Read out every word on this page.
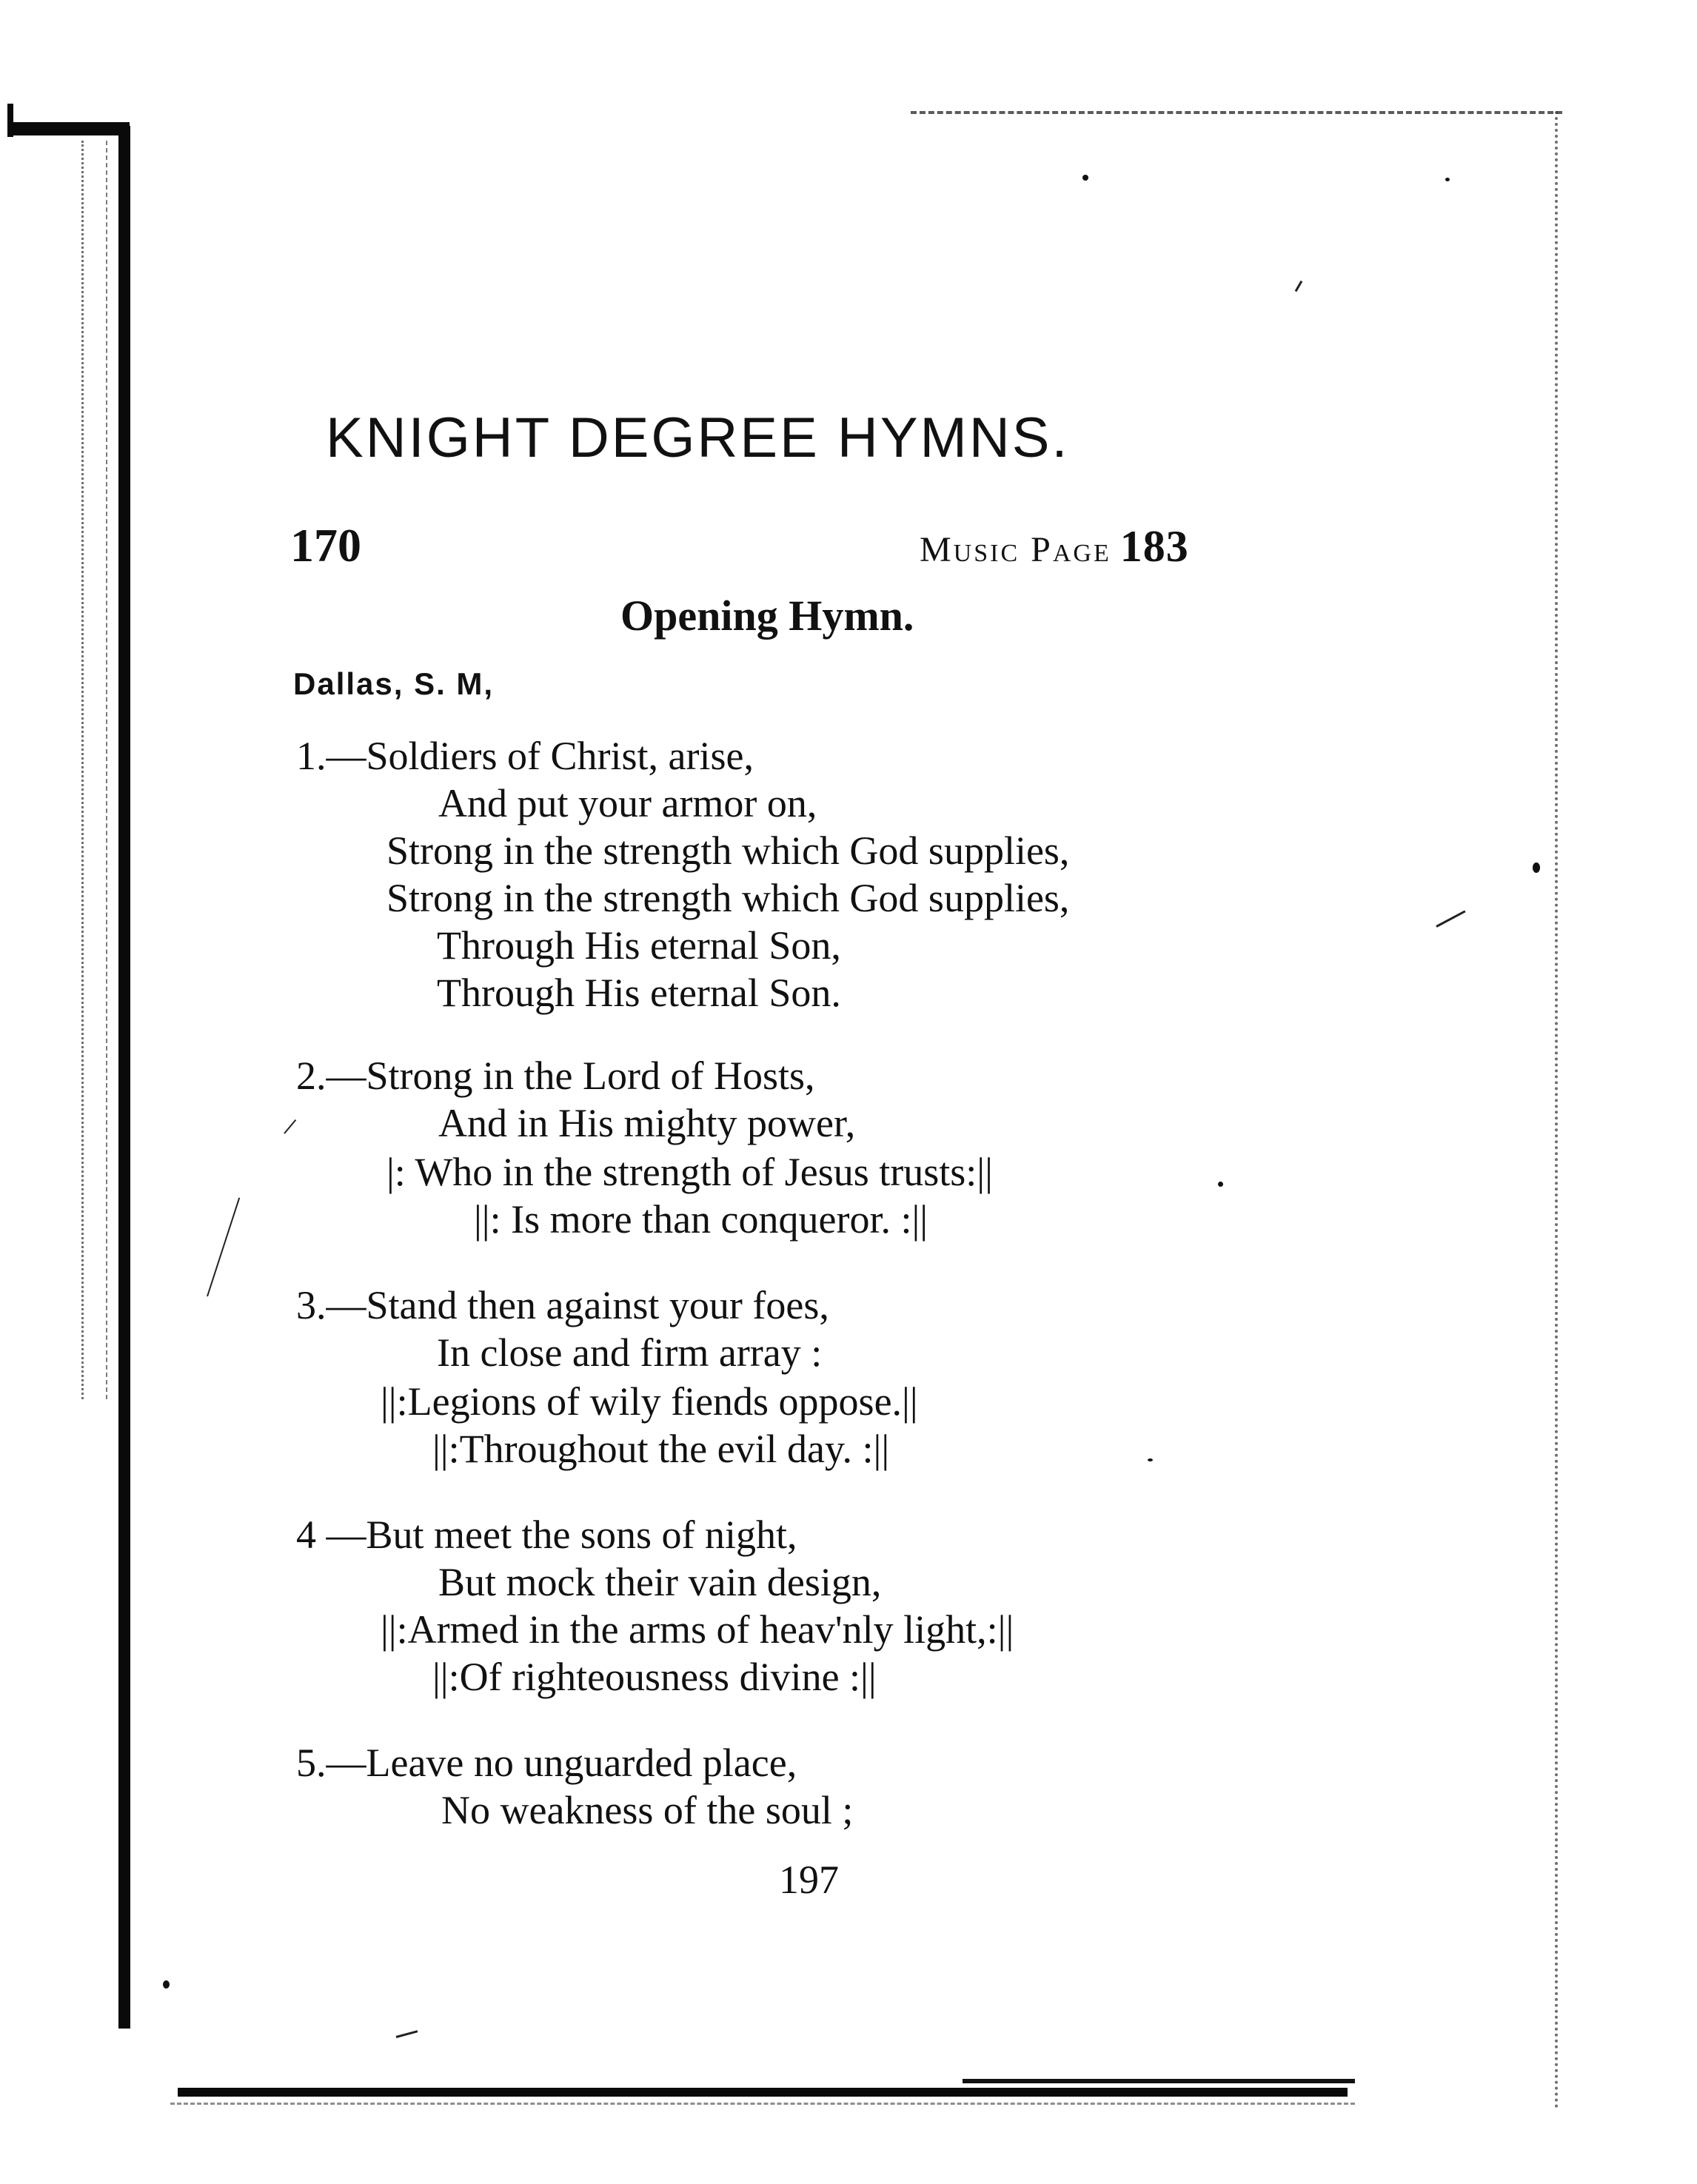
KNIGHT DEGREE HYMNS.
170	Music Page 183
Opening Hymn.
Dallas, S. M,
1.—Soldiers of Christ, arise,
And put your armor on,
Strong in the strength which God supplies,
Strong in the strength which God supplies,
Through His eternal Son,
Through His eternal Son.
2.—Strong in the Lord of Hosts,
And in His mighty power,
|: Who in the strength of Jesus trusts:||
||: Is more than conqueror. :||
3.—Stand then against your foes,
In close and firm array :
||:Legions of wily fiends oppose.||
||:Throughout the evil day. :||
4 —But meet the sons of night,
But mock their vain design,
||:Armed in the arms of heav'nly light,:||
||:Of righteousness divine :||
5.—Leave no unguarded place,
No weakness of the soul ;
197
